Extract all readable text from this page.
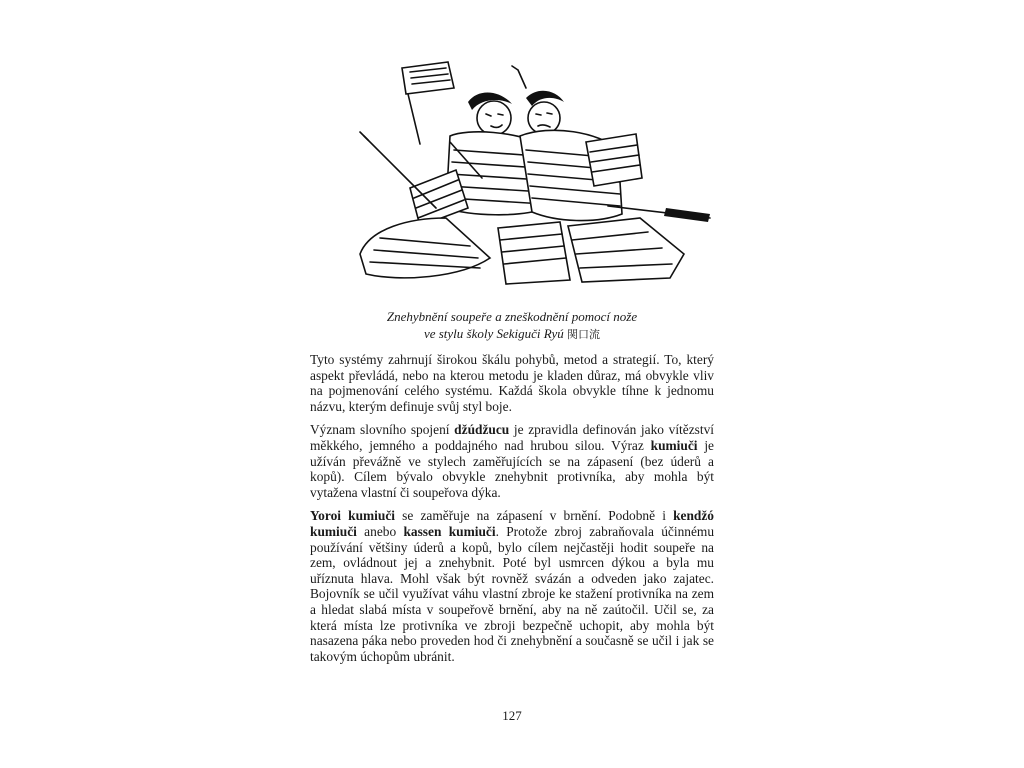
Znehybnění soupeře a zneškodnění pomocí nože
ve stylu školy Sekiguči Ryú 関口流

Tyto systémy zahrnují širokou škálu pohybů, metod a strategií. To, který aspekt převládá, nebo na kterou metodu je kladen důraz, má obvykle vliv na pojmenování celého systému. Každá škola obvykle tíhne k jednomu názvu, kterým definuje svůj styl boje.

Význam slovního spojení džúdžucu je zpravidla definován jako vítězství měkkého, jemného a poddajného nad hrubou silou. Výraz kumiuči je užíván převážně ve stylech zaměřujících se na zápasení (bez úderů a kopů). Cílem bývalo obvykle znehybnit protivníka, aby mohla být vytažena vlastní či soupeřova dýka.

Yoroi kumiuči se zaměřuje na zápasení v brnění. Podobně i kendžó kumiuči anebo kassen kumiuči. Protože zbroj zabraňovala účinnému používání většiny úderů a kopů, bylo cílem nejčastěji hodit soupeře na zem, ovládnout jej a znehybnit. Poté byl usmrcen dýkou a byla mu uříznuta hlava. Mohl však být rovněž svázán a odveden jako zajatec. Bojovník se učil využívat váhu vlastní zbroje ke stažení protivníka na zem a hledat slabá místa v soupeřově brnění, aby na ně zaútočil. Učil se, za která místa lze protivníka ve zbroji bezpečně uchopit, aby mohla být nasazena páka nebo proveden hod či znehybnění a současně se učil i jak se takovým úchopům ubránit.

127
